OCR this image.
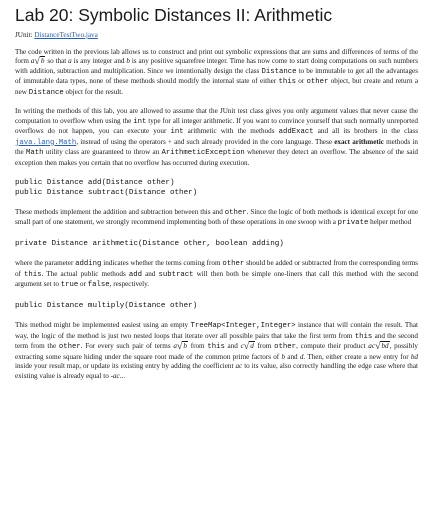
Lab 20: Symbolic Distances II: Arithmetic
JUnit: DistanceTestTwo.java

The code written in the previous lab allows us to construct and print out symbolic expressions that are sums and differences of terms of the form a√b so that a is any integer and b is any positive squarefree integer. Time has now come to start doing computations on such numbers with addition, subtraction and multiplication. Since we intentionally design the class Distance to be immutable to get all the advantages of immutable data types, none of these methods should modify the internal state of either this or other object, but create and return a new Distance object for the result.

In writing the methods of this lab, you are allowed to assume that the JUnit test class gives you only argument values that never cause the computation to overflow when using the int type for all integer arithmetic. If you want to convince yourself that such normally unreported overflows do not happen, you can execute your int arithmetic with the methods addExact and all its brothers in the class java.lang.Math, instead of using the operators + and such already provided in the core language. These exact arithmetic methods in the Math utility class are guaranteed to throw an ArithmeticException whenever they detect an overflow. The absence of the said exception then makes you certain that no overflow has occurred during execution.

public Distance add(Distance other)
public Distance subtract(Distance other)

These methods implement the addition and subtraction between this and other. Since the logic of both methods is identical except for one small part of one statement, we strongly recommend implementing both of these operations in one swoop with a private helper method

private Distance arithmetic(Distance other, boolean adding)

where the parameter adding indicates whether the terms coming from other should be added or subtracted from the corresponding terms of this. The actual public methods add and subtract will then both be simple one-liners that call this method with the second argument set to true or false, respectively.

public Distance multiply(Distance other)

This method might be implemented easiest using an empty TreeMap<Integer,Integer> instance that will contain the result. That way, the logic of the method is just two nested loops that iterate over all possible pairs that take the first term from this and the second term from the other. For every such pair of terms a√b from this and c√d from other, compute their product ac√bd, possibly extracting some square hiding under the square root made of the common prime factors of b and d. Then, either create a new entry for bd inside your result map, or update its existing entry by adding the coefficient ac to its value, also correctly handling the edge case where that existing value is already equal to -ac...
